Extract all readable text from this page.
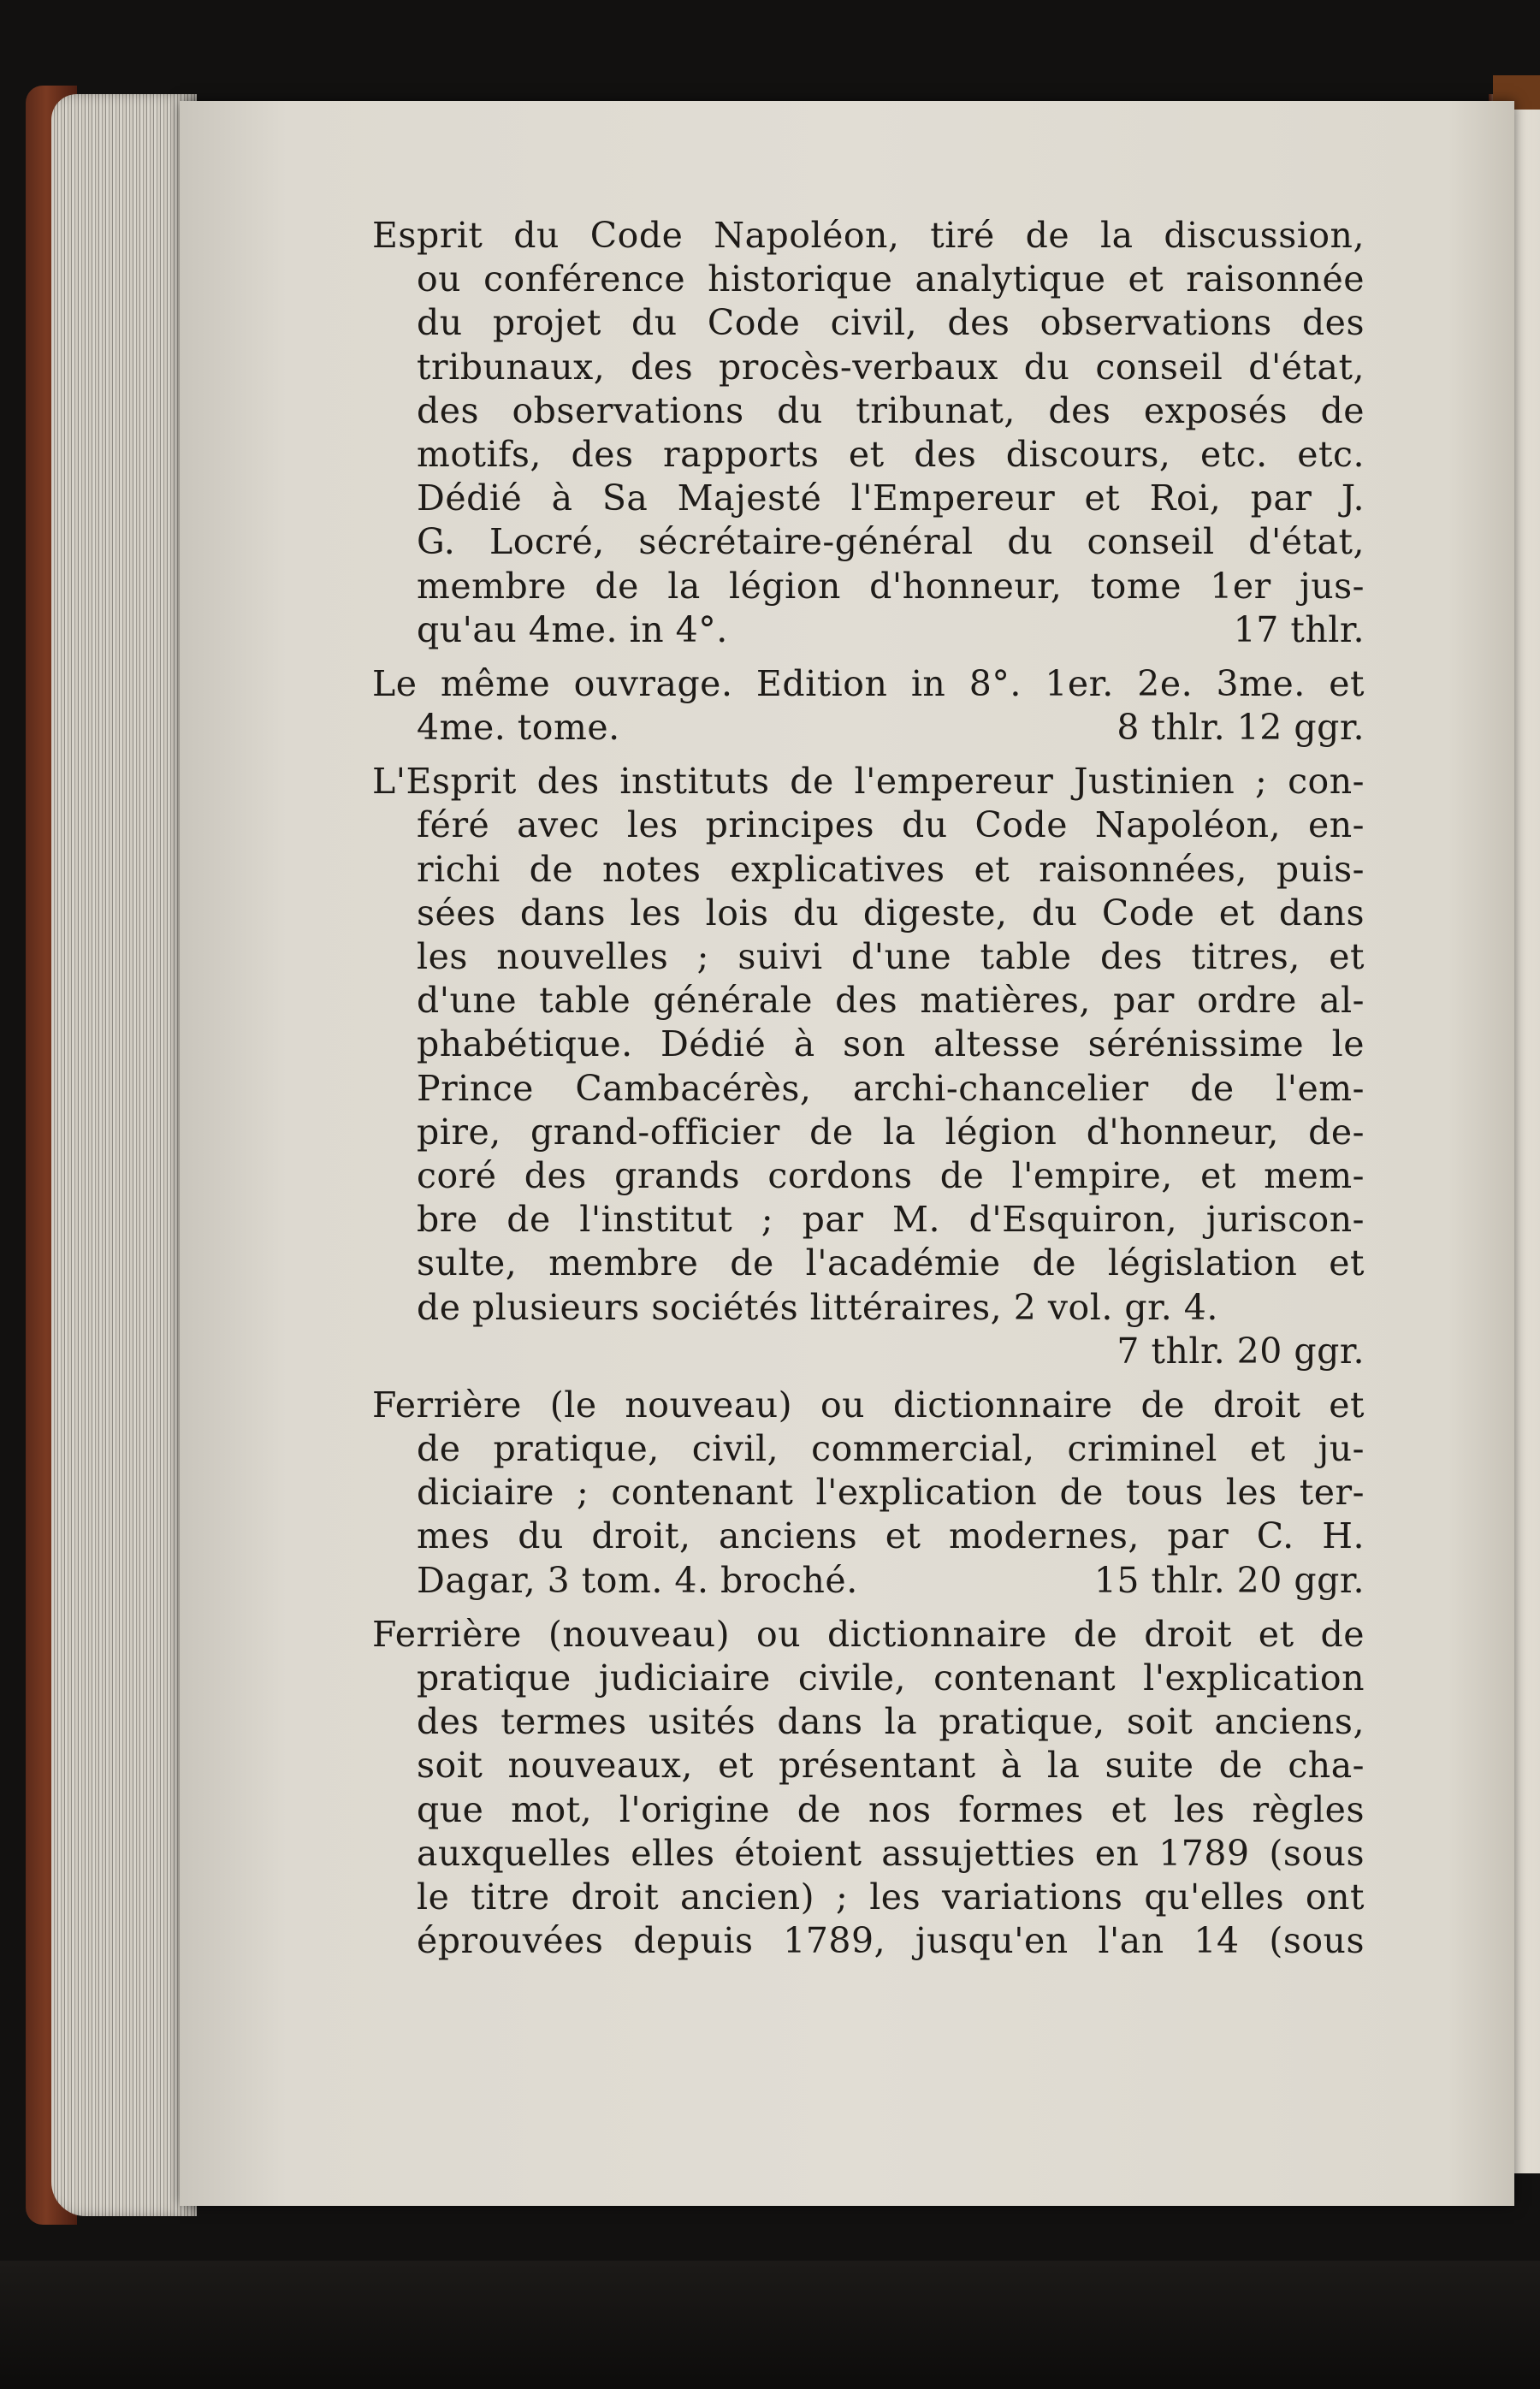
Esprit du Code Napoléon, tiré de la discussion,
ou conférence historique analytique et raisonnée
du projet du Code civil, des observations des
tribunaux, des procès-verbaux du conseil d'état,
des observations du tribunat, des exposés de
motifs, des rapports et des discours, etc. etc.
Dédié à Sa Majesté l'Empereur et Roi, par J.
G. Locré, sécrétaire-général du conseil d'état,
membre de la légion d'honneur, tome 1er jus-
qu'au 4me. in 4°.	17 thlr.
Le même ouvrage. Edition in 8°. 1er. 2e. 3me. et
4me. tome.	8 thlr. 12 ggr.
L'Esprit des instituts de l'empereur Justinien ; con-
féré avec les principes du Code Napoléon, en-
richi de notes explicatives et raisonnées, puis-
sées dans les lois du digeste, du Code et dans
les nouvelles ; suivi d'une table des titres, et
d'une table générale des matières, par ordre al-
phabétique. Dédié à son altesse sérénissime le
Prince Cambacérès, archi-chancelier de l'em-
pire, grand-officier de la légion d'honneur, de-
coré des grands cordons de l'empire, et mem-
bre de l'institut ; par M. d'Esquiron, juriscon-
sulte, membre de l'académie de législation et
de plusieurs sociétés littéraires, 2 vol. gr. 4.
7 thlr. 20 ggr.
Ferrière (le nouveau) ou dictionnaire de droit et
de pratique, civil, commercial, criminel et ju-
diciaire ; contenant l'explication de tous les ter-
mes du droit, anciens et modernes, par C. H.
Dagar, 3 tom. 4. broché.	15 thlr. 20 ggr.
Ferrière (nouveau) ou dictionnaire de droit et de
pratique judiciaire civile, contenant l'explication
des termes usités dans la pratique, soit anciens,
soit nouveaux, et présentant à la suite de cha-
que mot, l'origine de nos formes et les règles
auxquelles elles étoient assujetties en 1789 (sous
le titre droit ancien) ; les variations qu'elles ont
éprouvées depuis 1789, jusqu'en l'an 14 (sous
